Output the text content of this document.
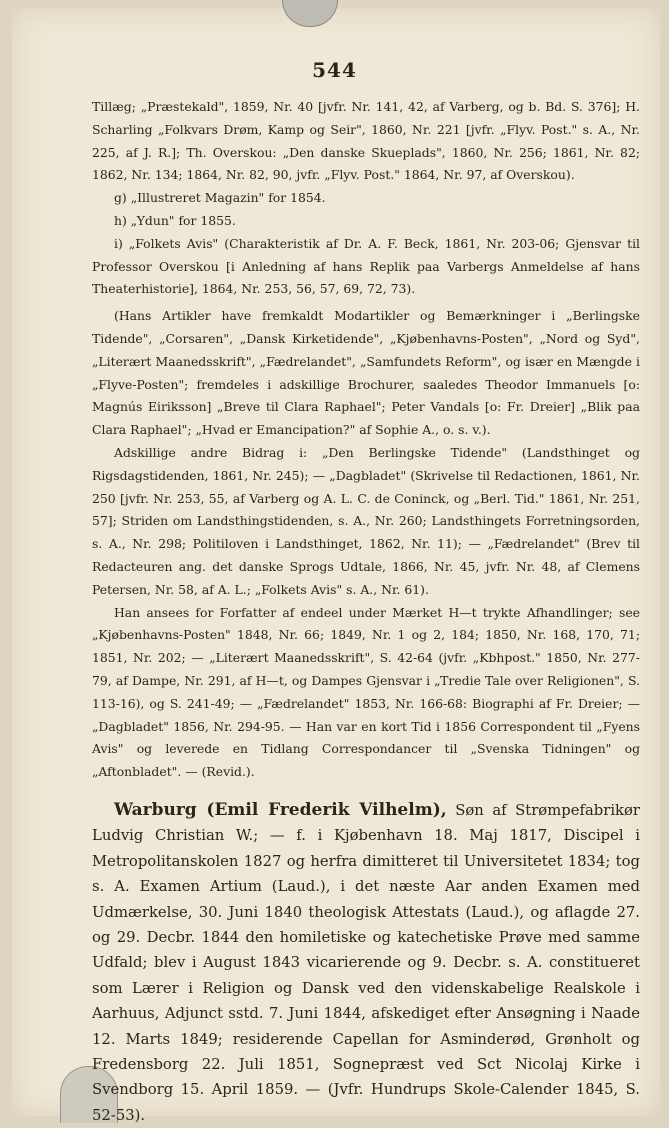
544

Tillæg; „Præstekald", 1859, Nr. 40 [jvfr. Nr. 141, 42, af Varberg, og b. Bd. S. 376]; H. Scharling „Folkvars Drøm, Kamp og Seir", 1860, Nr. 221 [jvfr. „Flyv. Post." s. A., Nr. 225, af J. R.]; Th. Overskou: „Den danske Skueplads", 1860, Nr. 256; 1861, Nr. 82; 1862, Nr. 134; 1864, Nr. 82, 90, jvfr. „Flyv. Post." 1864, Nr. 97, af Overskou).

g) „Illustreret Magazin" for 1854.

h) „Ydun" for 1855.

i) „Folkets Avis" (Charakteristik af Dr. A. F. Beck, 1861, Nr. 203-06; Gjensvar til Professor Overskou [i Anledning af hans Replik paa Varbergs Anmeldelse af hans Theaterhistorie], 1864, Nr. 253, 56, 57, 69, 72, 73).

(Hans Artikler have fremkaldt Modartikler og Bemærkninger i „Berlingske Tidende", „Corsaren", „Dansk Kirketidende", „Kjøbenhavns-Posten", „Nord og Syd", „Literært Maanedsskrift", „Fædrelandet", „Samfundets Reform", og især en Mængde i „Flyve-Posten"; fremdeles i adskillige Brochurer, saaledes Theodor Immanuels [o: Magnús Eiriksson] „Breve til Clara Raphael"; Peter Vandals [o: Fr. Dreier] „Blik paa Clara Raphael"; „Hvad er Emancipation?" af Sophie A., o. s. v.).

Adskillige andre Bidrag i: „Den Berlingske Tidende" (Landsthinget og Rigsdagstidenden, 1861, Nr. 245); — „Dagbladet" (Skrivelse til Redactionen, 1861, Nr. 250 [jvfr. Nr. 253, 55, af Varberg og A. L. C. de Coninck, og „Berl. Tid." 1861, Nr. 251, 57]; Striden om Landsthingstidenden, s. A., Nr. 260; Landsthingets Forretningsorden, s. A., Nr. 298; Politiloven i Landsthinget, 1862, Nr. 11); — „Fædrelandet" (Brev til Redacteuren ang. det danske Sprogs Udtale, 1866, Nr. 45, jvfr. Nr. 48, af Clemens Petersen, Nr. 58, af A. L.; „Folkets Avis" s. A., Nr. 61).

Han ansees for Forfatter af endeel under Mærket H—t trykte Afhandlinger; see „Kjøbenhavns-Posten" 1848, Nr. 66; 1849, Nr. 1 og 2, 184; 1850, Nr. 168, 170, 71; 1851, Nr. 202; — „Literært Maanedsskrift", S. 42-64 (jvfr. „Kbhpost." 1850, Nr. 277-79, af Dampe, Nr. 291, af H—t, og Dampes Gjensvar i „Tredie Tale over Religionen", S. 113-16), og S. 241-49; — „Fædrelandet" 1853, Nr. 166-68: Biographi af Fr. Dreier; — „Dagbladet" 1856, Nr. 294-95. — Han var en kort Tid i 1856 Correspondent til „Fyens Avis" og leverede en Tidlang Correspondancer til „Svenska Tidningen" og „Aftonbladet". — (Revid.).

Warburg (Emil Frederik Vilhelm), Søn af Strømpefabrikør Ludvig Christian W.; — f. i Kjøbenhavn 18. Maj 1817, Discipel i Metropolitanskolen 1827 og herfra dimitteret til Universitetet 1834; tog s. A. Examen Artium (Laud.), i det næste Aar anden Examen med Udmærkelse, 30. Juni 1840 theologisk Attestats (Laud.), og aflagde 27. og 29. Decbr. 1844 den homiletiske og katechetiske Prøve med samme Udfald; blev i August 1843 vicarierende og 9. Decbr. s. A. constitueret som Lærer i Religion og Dansk ved den videnskabelige Realskole i Aarhuus, Adjunct sstd. 7. Juni 1844, afskediget efter Ansøgning i Naade 12. Marts 1849; residerende Capellan for Asminderød, Grønholt og Fredensborg 22. Juli 1851, Sognepræst ved Sct Nicolaj Kirke i Svendborg 15. April 1859. — (Jvfr. Hundrups Skole-Calender 1845, S. 52-53).
